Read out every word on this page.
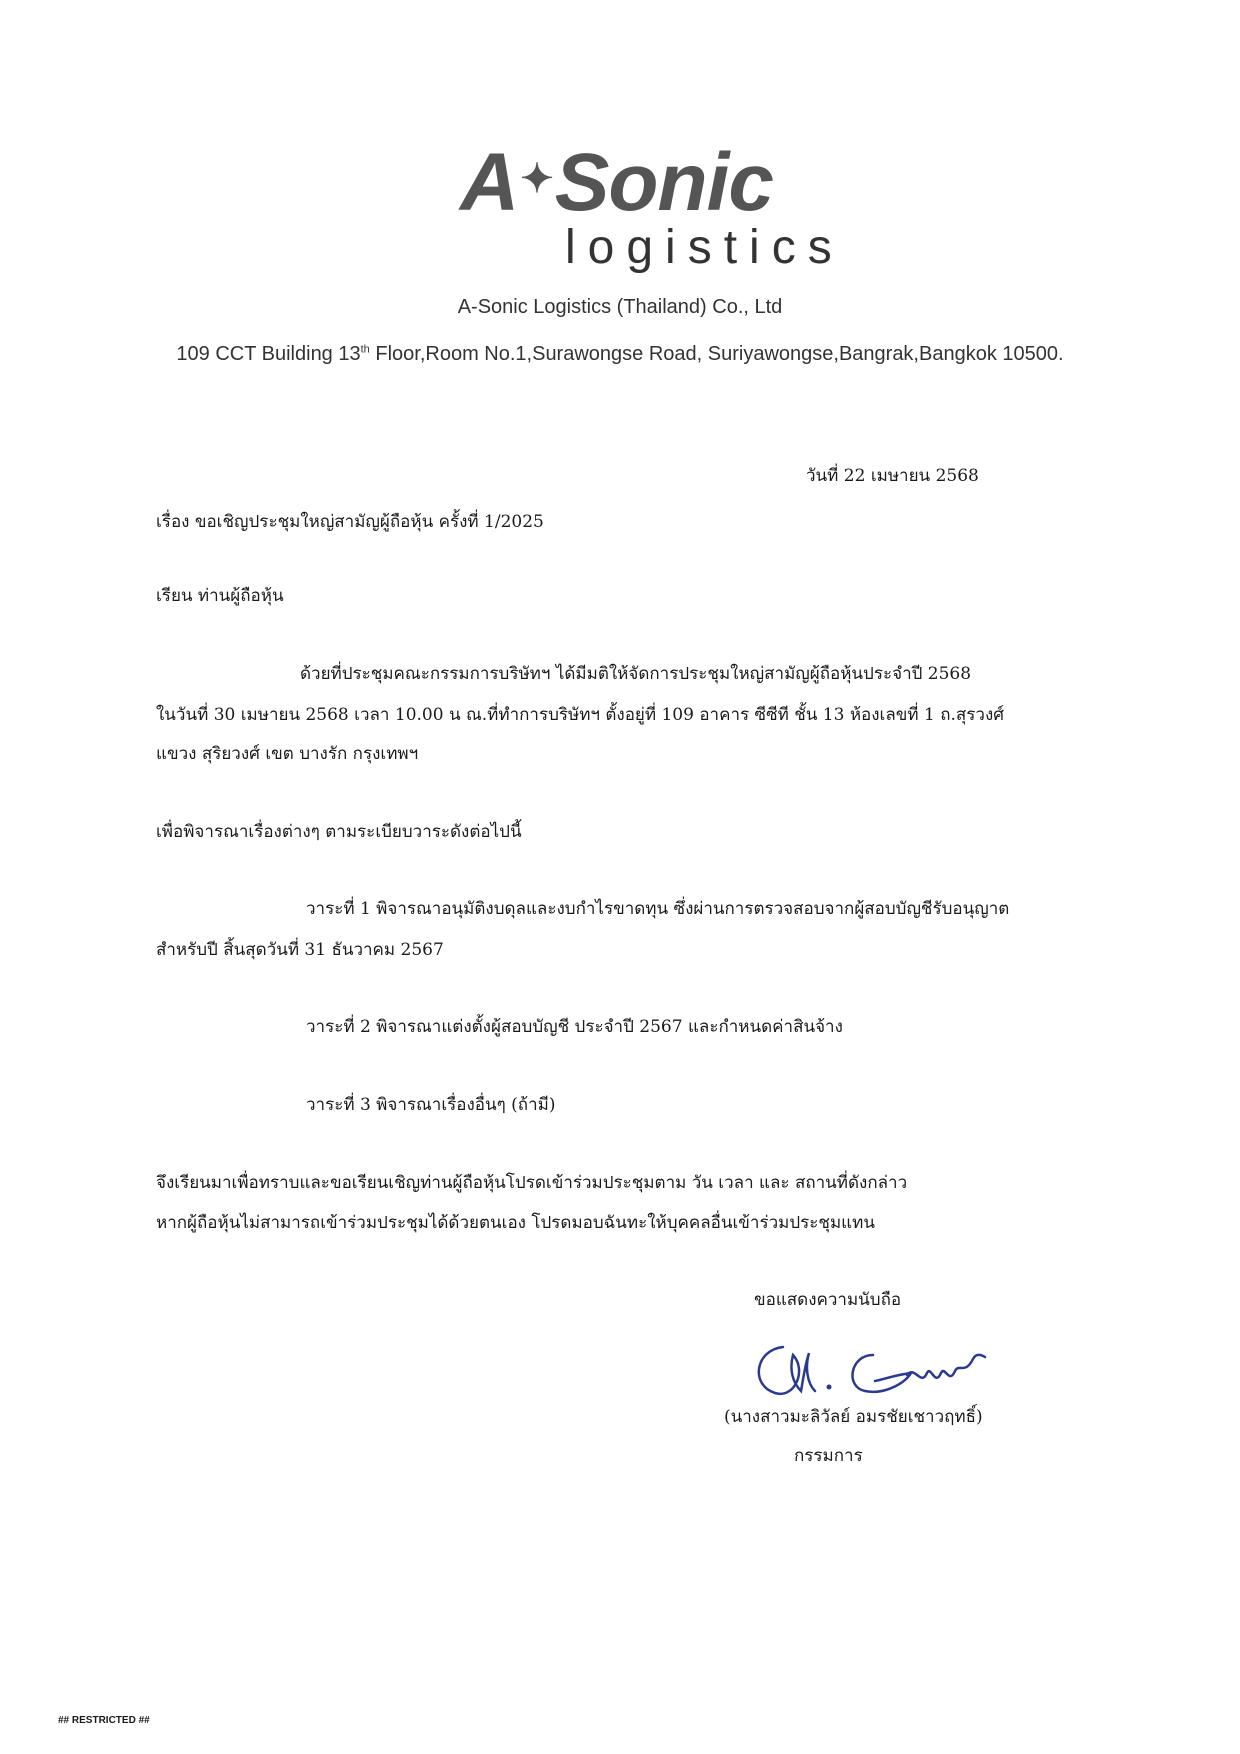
A✦Sonic
logistics
A-Sonic Logistics (Thailand) Co., Ltd
109 CCT Building 13th Floor,Room No.1,Surawongse Road, Suriyawongse,Bangrak,Bangkok 10500.
วันที่ 22 เมษายน 2568
เรื่อง ขอเชิญประชุมใหญ่สามัญผู้ถือหุ้น ครั้งที่ 1/2025
เรียน ท่านผู้ถือหุ้น
ด้วยที่ประชุมคณะกรรมการบริษัทฯ ได้มีมติให้จัดการประชุมใหญ่สามัญผู้ถือหุ้นประจำปี 2568
ในวันที่ 30 เมษายน 2568 เวลา 10.00 น ณ.ที่ทำการบริษัทฯ ตั้งอยู่ที่ 109 อาคาร ซีซีที ชั้น 13 ห้องเลขที่ 1 ถ.สุรวงศ์
แขวง สุริยวงศ์ เขต บางรัก กรุงเทพฯ
เพื่อพิจารณาเรื่องต่างๆ ตามระเบียบวาระดังต่อไปนี้
วาระที่ 1 พิจารณาอนุมัติงบดุลและงบกำไรขาดทุน ซึ่งผ่านการตรวจสอบจากผู้สอบบัญชีรับอนุญาต
สำหรับปี สิ้นสุดวันที่ 31 ธันวาคม 2567
วาระที่ 2 พิจารณาแต่งตั้งผู้สอบบัญชี ประจำปี 2567 และกำหนดค่าสินจ้าง
วาระที่ 3 พิจารณาเรื่องอื่นๆ (ถ้ามี)
จึงเรียนมาเพื่อทราบและขอเรียนเชิญท่านผู้ถือหุ้นโปรดเข้าร่วมประชุมตาม วัน เวลา และ สถานที่ดังกล่าว
หากผู้ถือหุ้นไม่สามารถเข้าร่วมประชุมได้ด้วยตนเอง โปรดมอบฉันทะให้บุคคลอื่นเข้าร่วมประชุมแทน
ขอแสดงความนับถือ
(นางสาวมะลิวัลย์ อมรชัยเชาวฤทธิ์)
กรรมการ
## RESTRICTED ##
